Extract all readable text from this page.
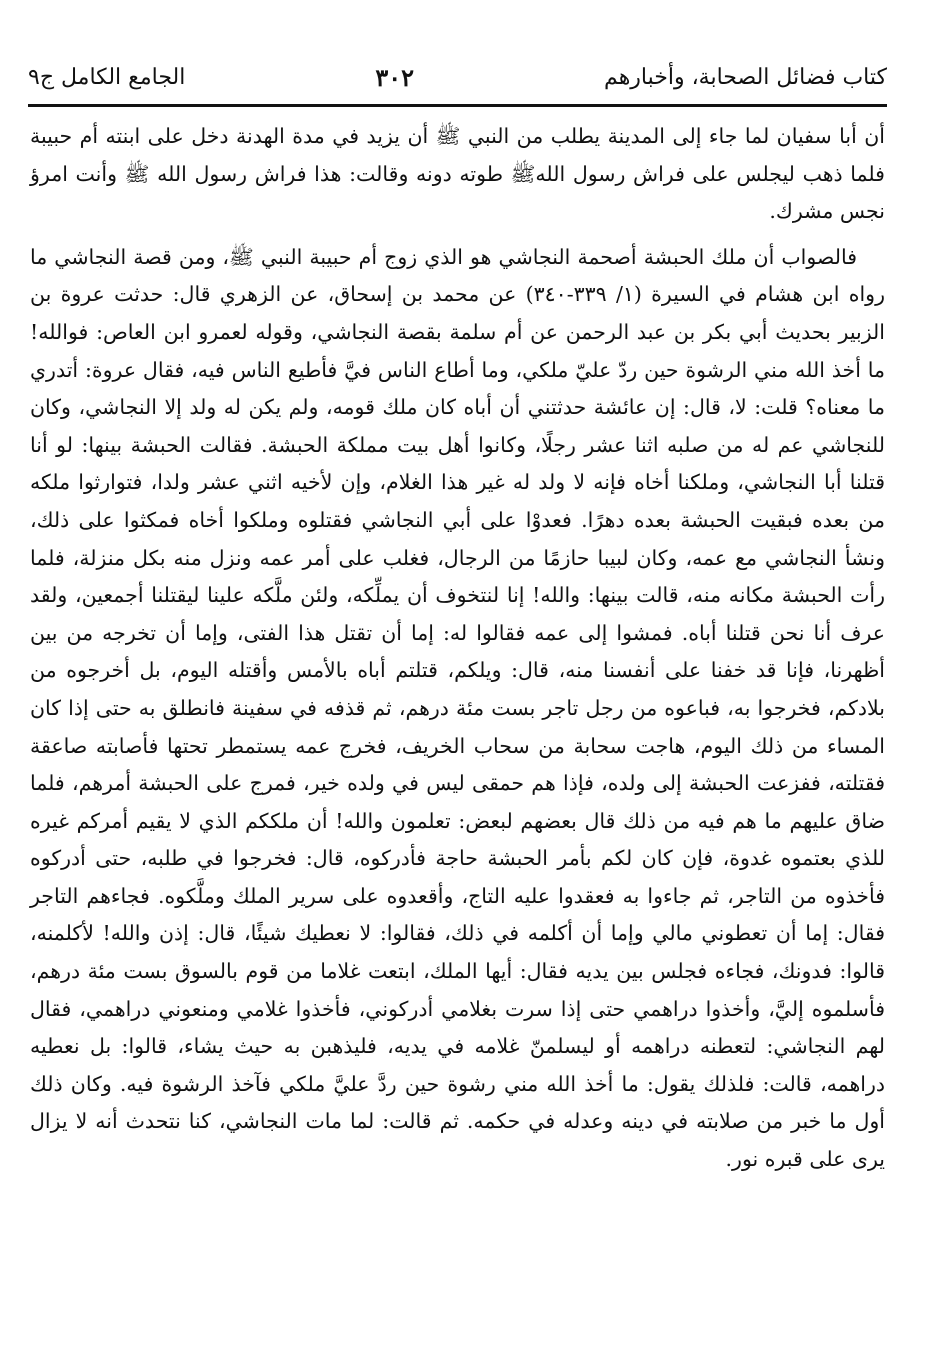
كتاب فضائل الصحابة، وأخبارهم
٣٠٢
الجامع الكامل ج٩

أن أبا سفيان لما جاء إلى المدينة يطلب من النبي ﷺ أن يزيد في مدة الهدنة دخل على ابنته أم حبيبة فلما ذهب ليجلس على فراش رسول اللهﷺ طوته دونه وقالت: هذا فراش رسول الله ﷺ وأنت امرؤ نجس مشرك.

فالصواب أن ملك الحبشة أصحمة النجاشي هو الذي زوج أم حبيبة النبي ﷺ، ومن قصة النجاشي ما رواه ابن هشام في السيرة (١/ ٣٣٩-٣٤٠) عن محمد بن إسحاق، عن الزهري قال: حدثت عروة بن الزبير بحديث أبي بكر بن عبد الرحمن عن أم سلمة بقصة النجاشي، وقوله لعمرو ابن العاص: فوالله! ما أخذ الله مني الرشوة حين ردّ عليّ ملكي، وما أطاع الناس فيَّ فأطيع الناس فيه، فقال عروة: أتدري ما معناه؟ قلت: لا، قال: إن عائشة حدثتني أن أباه كان ملك قومه، ولم يكن له ولد إلا النجاشي، وكان للنجاشي عم له من صلبه اثنا عشر رجلًا، وكانوا أهل بيت مملكة الحبشة. فقالت الحبشة بينها: لو أنا قتلنا أبا النجاشي، وملكنا أخاه فإنه لا ولد له غير هذا الغلام، وإن لأخيه اثني عشر ولدا، فتوارثوا ملكه من بعده فبقيت الحبشة بعده دهرًا. فعدوْا على أبي النجاشي فقتلوه وملكوا أخاه فمكثوا على ذلك، ونشأ النجاشي مع عمه، وكان لبيبا حازمًا من الرجال، فغلب على أمر عمه ونزل منه بكل منزلة، فلما رأت الحبشة مكانه منه، قالت بينها: والله! إنا لنتخوف أن يملِّكه، ولئن ملَّكه علينا ليقتلنا أجمعين، ولقد عرف أنا نحن قتلنا أباه. فمشوا إلى عمه فقالوا له: إما أن تقتل هذا الفتى، وإما أن تخرجه من بين أظهرنا، فإنا قد خفنا على أنفسنا منه، قال: ويلكم، قتلتم أباه بالأمس وأقتله اليوم، بل أخرجوه من بلادكم، فخرجوا به، فباعوه من رجل تاجر بست مئة درهم، ثم قذفه في سفينة فانطلق به حتى إذا كان المساء من ذلك اليوم، هاجت سحابة من سحاب الخريف، فخرج عمه يستمطر تحتها فأصابته صاعقة فقتلته، ففزعت الحبشة إلى ولده، فإذا هم حمقى ليس في ولده خير، فمرج على الحبشة أمرهم، فلما ضاق عليهم ما هم فيه من ذلك قال بعضهم لبعض: تعلمون والله! أن ملككم الذي لا يقيم أمركم غيره للذي بعتموه غدوة، فإن كان لكم بأمر الحبشة حاجة فأدركوه، قال: فخرجوا في طلبه، حتى أدركوه فأخذوه من التاجر، ثم جاءوا به فعقدوا عليه التاج، وأقعدوه على سرير الملك وملَّكوه. فجاءهم التاجر فقال: إما أن تعطوني مالي وإما أن أكلمه في ذلك، فقالوا: لا نعطيك شيئًا، قال: إذن والله! لأكلمنه، قالوا: فدونك، فجاءه فجلس بين يديه فقال: أيها الملك، ابتعت غلاما من قوم بالسوق بست مئة درهم، فأسلموه إليَّ، وأخذوا دراهمي حتى إذا سرت بغلامي أدركوني، فأخذوا غلامي ومنعوني دراهمي، فقال لهم النجاشي: لتعطنه دراهمه أو ليسلمنّ غلامه في يديه، فليذهبن به حيث يشاء، قالوا: بل نعطيه دراهمه، قالت: فلذلك يقول: ما أخذ الله مني رشوة حين ردَّ عليَّ ملكي فآخذ الرشوة فيه. وكان ذلك أول ما خبر من صلابته في دينه وعدله في حكمه. ثم قالت: لما مات النجاشي، كنا نتحدث أنه لا يزال يرى على قبره نور.
